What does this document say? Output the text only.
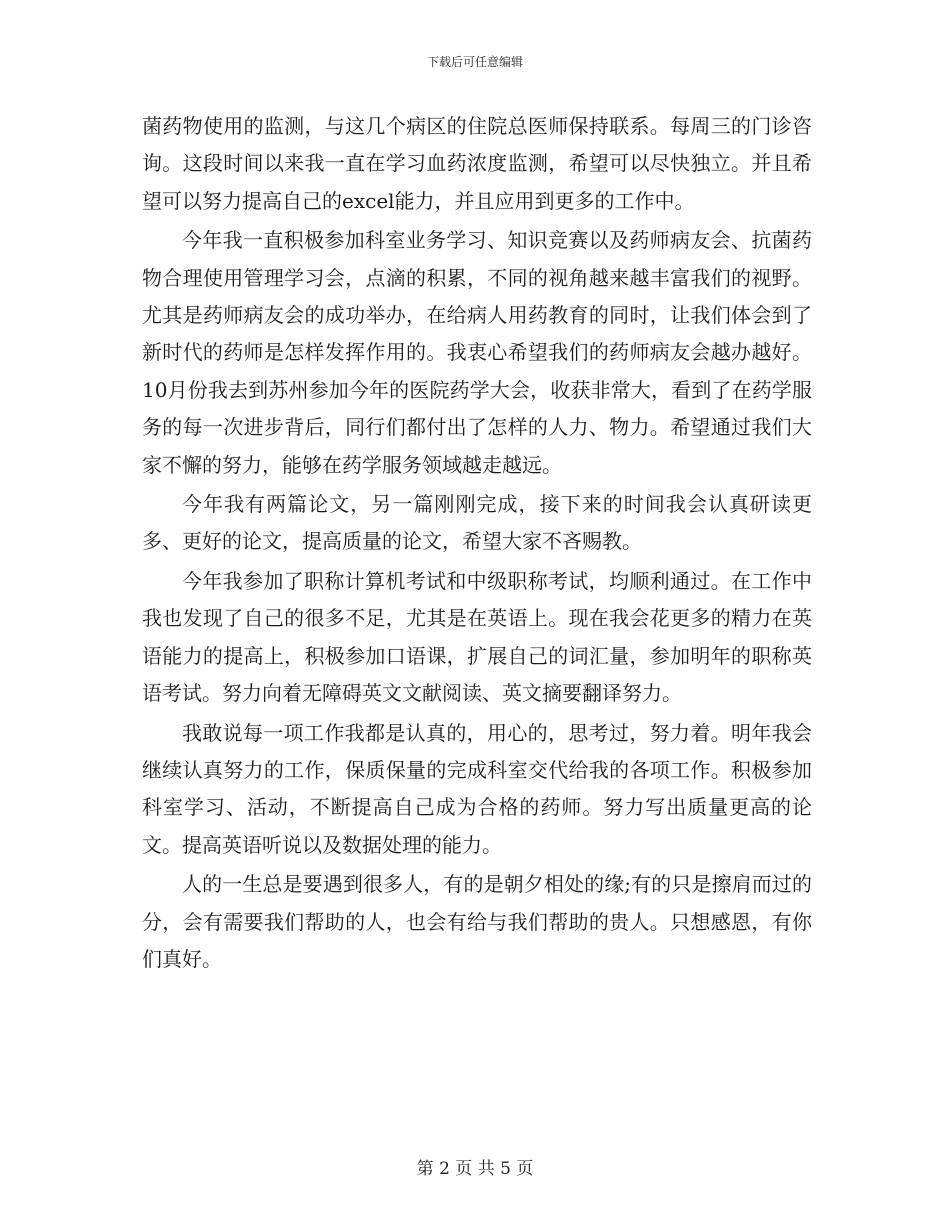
下载后可任意编辑

菌药物使用的监测，与这几个病区的住院总医师保持联系。每周三的门诊咨询。这段时间以来我一直在学习血药浓度监测，希望可以尽快独立。并且希望可以努力提高自己的excel能力，并且应用到更多的工作中。

今年我一直积极参加科室业务学习、知识竞赛以及药师病友会、抗菌药物合理使用管理学习会，点滴的积累，不同的视角越来越丰富我们的视野。尤其是药师病友会的成功举办，在给病人用药教育的同时，让我们体会到了新时代的药师是怎样发挥作用的。我衷心希望我们的药师病友会越办越好。10月份我去到苏州参加今年的医院药学大会，收获非常大，看到了在药学服务的每一次进步背后，同行们都付出了怎样的人力、物力。希望通过我们大家不懈的努力，能够在药学服务领域越走越远。

今年我有两篇论文，另一篇刚刚完成，接下来的时间我会认真研读更多、更好的论文，提高质量的论文，希望大家不吝赐教。

今年我参加了职称计算机考试和中级职称考试，均顺利通过。在工作中我也发现了自己的很多不足，尤其是在英语上。现在我会花更多的精力在英语能力的提高上，积极参加口语课，扩展自己的词汇量，参加明年的职称英语考试。努力向着无障碍英文文献阅读、英文摘要翻译努力。

我敢说每一项工作我都是认真的，用心的，思考过，努力着。明年我会继续认真努力的工作，保质保量的完成科室交代给我的各项工作。积极参加科室学习、活动，不断提高自己成为合格的药师。努力写出质量更高的论文。提高英语听说以及数据处理的能力。

人的一生总是要遇到很多人，有的是朝夕相处的缘;有的只是擦肩而过的分，会有需要我们帮助的人，也会有给与我们帮助的贵人。只想感恩，有你们真好。

第 2 页 共 5 页
